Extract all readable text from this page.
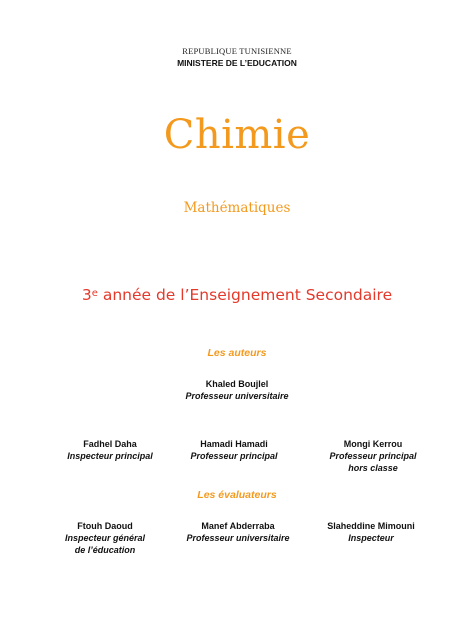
REPUBLIQUE TUNISIENNE
MINISTERE DE L’EDUCATION
Chimie
Mathématiques
3e année de l’Enseignement Secondaire
Les auteurs
Khaled Boujlel
Professeur universitaire
Fadhel Daha
Inspecteur principal
Hamadi Hamadi
Professeur principal
Mongi Kerrou
Professeur principal
hors classe
Les évaluateurs
Ftouh Daoud
Inspecteur général
de l’éducation
Manef Abderraba
Professeur universitaire
Slaheddine Mimouni
Inspecteur
